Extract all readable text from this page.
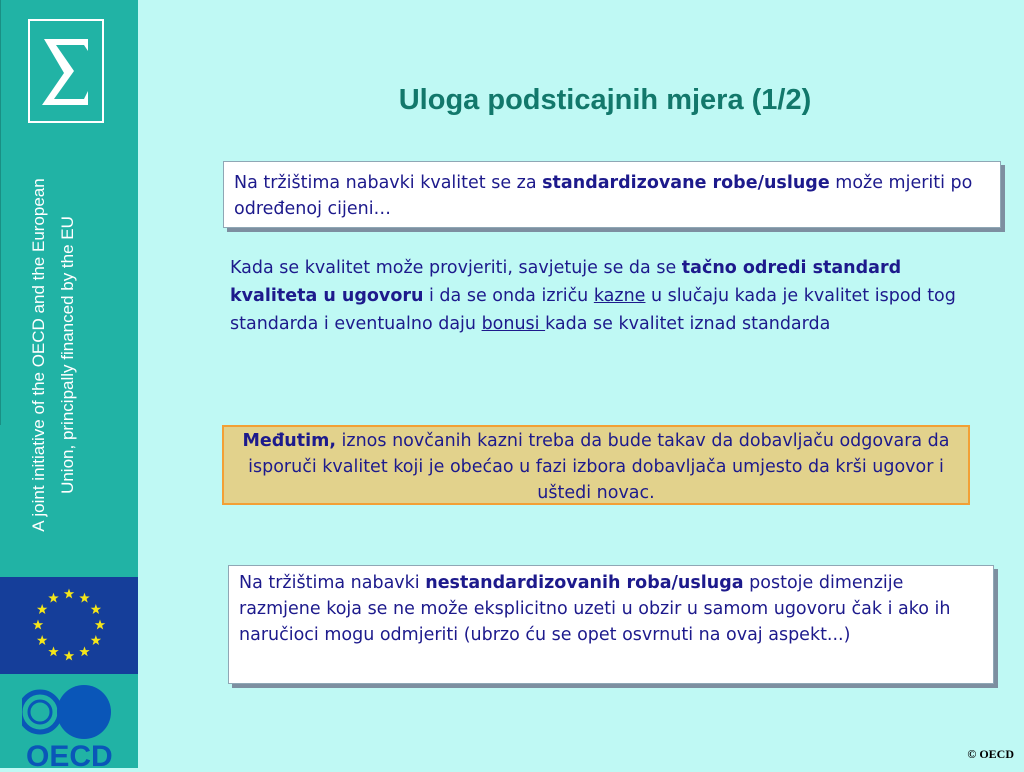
A joint initiative of the OECD and the European Union, principally financed by the EU
OECD
Uloga podsticajnih mjera (1/2)
Na tržištima nabavki kvalitet se za standardizovane robe/usluge može mjeriti po određenoj cijeni…
Kada se kvalitet može provjeriti, savjetuje se da se tačno odredi standard kvaliteta u ugovoru i da se onda izriču kazne u slučaju kada je kvalitet ispod tog standarda i eventualno daju bonusi kada se kvalitet iznad standarda
Međutim, iznos novčanih kazni treba da bude takav da dobavljaču odgovara da isporuči kvalitet koji je obećao u fazi izbora dobavljača umjesto da krši ugovor i uštedi novac.
Na tržištima nabavki nestandardizovanih roba/usluga postoje dimenzije razmjene koja se ne može eksplicitno uzeti u obzir u samom ugovoru čak i ako ih naručioci mogu odmjeriti (ubrzo ću se opet osvrnuti na ovaj aspekt...)
© OECD
